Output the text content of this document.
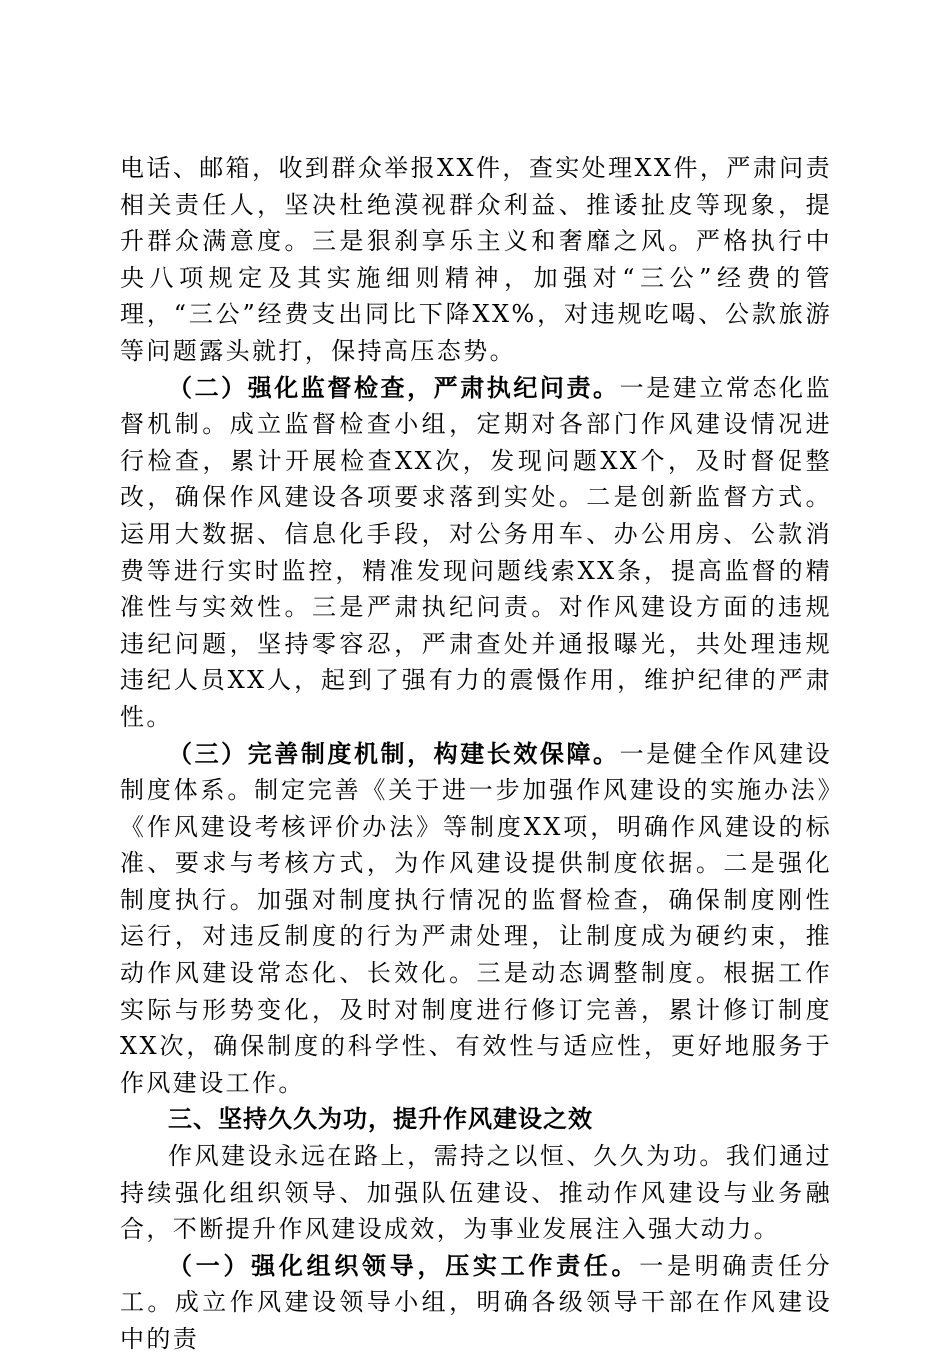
电话、邮箱，收到群众举报XX件，查实处理XX件，严肃问责相关责任人，坚决杜绝漠视群众利益、推诿扯皮等现象，提升群众满意度。三是狠刹享乐主义和奢靡之风。严格执行中央八项规定及其实施细则精神，加强对“三公”经费的管理，“三公”经费支出同比下降XX%，对违规吃喝、公款旅游等问题露头就打，保持高压态势。

（二）强化监督检查，严肃执纪问责。一是建立常态化监督机制。成立监督检查小组，定期对各部门作风建设情况进行检查，累计开展检查XX次，发现问题XX个，及时督促整改，确保作风建设各项要求落到实处。二是创新监督方式。运用大数据、信息化手段，对公务用车、办公用房、公款消费等进行实时监控，精准发现问题线索XX条，提高监督的精准性与实效性。三是严肃执纪问责。对作风建设方面的违规违纪问题，坚持零容忍，严肃查处并通报曝光，共处理违规违纪人员XX人，起到了强有力的震慑作用，维护纪律的严肃性。

（三）完善制度机制，构建长效保障。一是健全作风建设制度体系。制定完善《关于进一步加强作风建设的实施办法》《作风建设考核评价办法》等制度XX项，明确作风建设的标准、要求与考核方式，为作风建设提供制度依据。二是强化制度执行。加强对制度执行情况的监督检查，确保制度刚性运行，对违反制度的行为严肃处理，让制度成为硬约束，推动作风建设常态化、长效化。三是动态调整制度。根据工作实际与形势变化，及时对制度进行修订完善，累计修订制度XX次，确保制度的科学性、有效性与适应性，更好地服务于作风建设工作。

三、坚持久久为功，提升作风建设之效

作风建设永远在路上，需持之以恒、久久为功。我们通过持续强化组织领导、加强队伍建设、推动作风建设与业务融合，不断提升作风建设成效，为事业发展注入强大动力。

（一）强化组织领导，压实工作责任。一是明确责任分工。成立作风建设领导小组，明确各级领导干部在作风建设中的责
